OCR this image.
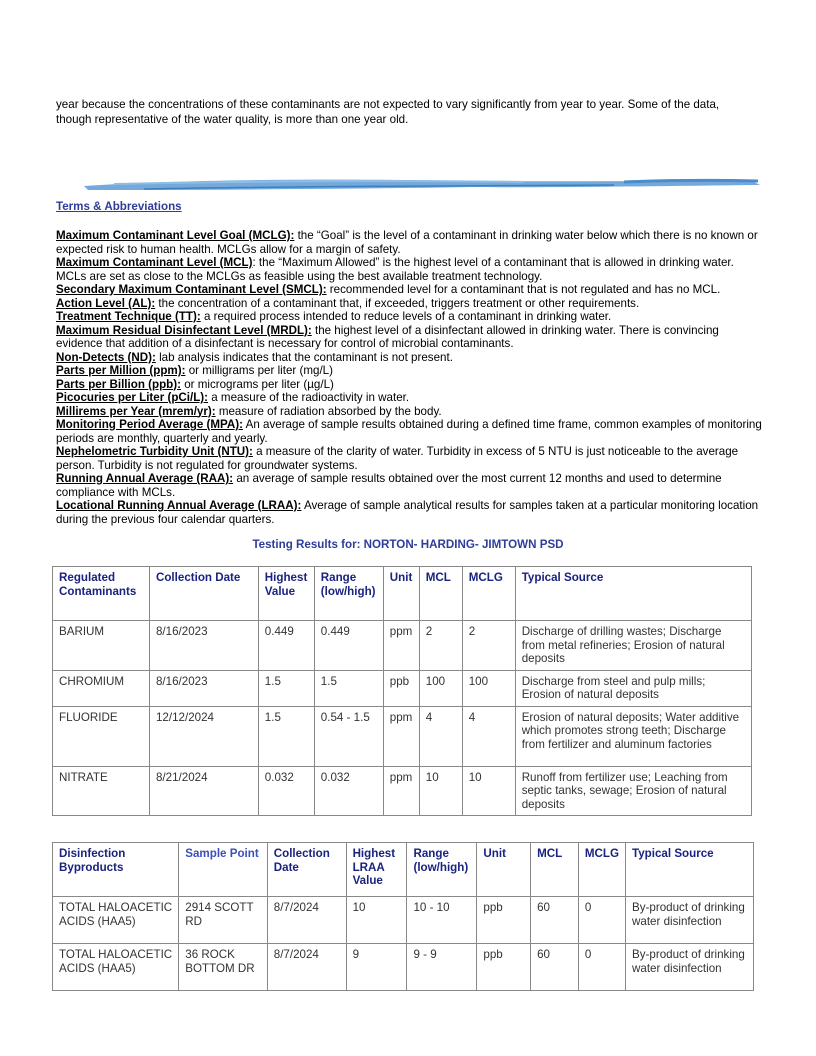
year because the concentrations of these contaminants are not expected to vary significantly from year to year. Some of the data, though representative of the water quality, is more than one year old.
Terms & Abbreviations

Maximum Contaminant Level Goal (MCLG): the “Goal” is the level of a contaminant in drinking water below which there is no known or expected risk to human health. MCLGs allow for a margin of safety.

Maximum Contaminant Level (MCL): the “Maximum Allowed” is the highest level of a contaminant that is allowed in drinking water. MCLs are set as close to the MCLGs as feasible using the best available treatment technology.

Secondary Maximum Contaminant Level (SMCL): recommended level for a contaminant that is not regulated and has no MCL.

Action Level (AL): the concentration of a contaminant that, if exceeded, triggers treatment or other requirements.

Treatment Technique (TT): a required process intended to reduce levels of a contaminant in drinking water.

Maximum Residual Disinfectant Level (MRDL): the highest level of a disinfectant allowed in drinking water. There is convincing evidence that addition of a disinfectant is necessary for control of microbial contaminants.

Non-Detects (ND): lab analysis indicates that the contaminant is not present.

Parts per Million (ppm): or milligrams per liter (mg/L)

Parts per Billion (ppb): or micrograms per liter (µg/L)

Picocuries per Liter (pCi/L): a measure of the radioactivity in water.

Millirems per Year (mrem/yr): measure of radiation absorbed by the body.

Monitoring Period Average (MPA): An average of sample results obtained during a defined time frame, common examples of monitoring periods are monthly, quarterly and yearly.

Nephelometric Turbidity Unit (NTU): a measure of the clarity of water. Turbidity in excess of 5 NTU is just noticeable to the average person. Turbidity is not regulated for groundwater systems.

Running Annual Average (RAA): an average of sample results obtained over the most current 12 months and used to determine compliance with MCLs.

Locational Running Annual Average (LRAA): Average of sample analytical results for samples taken at a particular monitoring location during the previous four calendar quarters.

Testing Results for: NORTON- HARDING- JIMTOWN PSD
Regulated Contaminants	Collection Date	Highest Value	Range (low/high)	Unit	MCL	MCLG	Typical Source
BARIUM	8/16/2023	0.449	0.449	ppm	2	2	Discharge of drilling wastes; Discharge from metal refineries; Erosion of natural deposits
CHROMIUM	8/16/2023	1.5	1.5	ppb	100	100	Discharge from steel and pulp mills; Erosion of natural deposits
FLUORIDE	12/12/2024	1.5	0.54 - 1.5	ppm	4	4	Erosion of natural deposits; Water additive which promotes strong teeth; Discharge from fertilizer and aluminum factories
NITRATE	8/21/2024	0.032	0.032	ppm	10	10	Runoff from fertilizer use; Leaching from septic tanks, sewage; Erosion of natural deposits
Disinfection Byproducts	Sample Point	Collection Date	Highest LRAA Value	Range (low/high)	Unit	MCL	MCLG	Typical Source
TOTAL HALOACETIC ACIDS (HAA5)	2914 SCOTT RD	8/7/2024	10	10 - 10	ppb	60	0	By-product of drinking water disinfection
TOTAL HALOACETIC ACIDS (HAA5)	36 ROCK BOTTOM DR	8/7/2024	9	9 - 9	ppb	60	0	By-product of drinking water disinfection
